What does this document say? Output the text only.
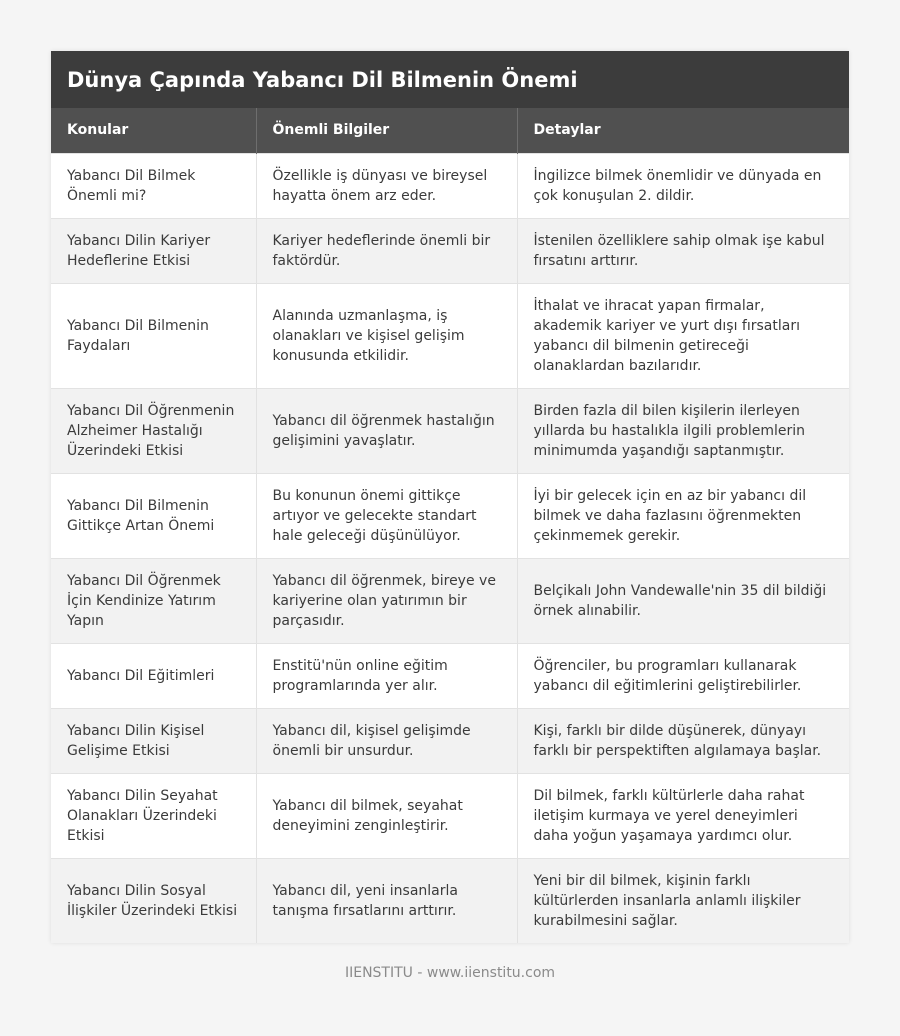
Dünya Çapında Yabancı Dil Bilmenin Önemi
Konular	Önemli Bilgiler	Detaylar
Yabancı Dil Bilmek Önemli mi?	Özellikle iş dünyası ve bireysel hayatta önem arz eder.	İngilizce bilmek önemlidir ve dünyada en çok konuşulan 2. dildir.
Yabancı Dilin Kariyer Hedeflerine Etkisi	Kariyer hedeflerinde önemli bir faktördür.	İstenilen özelliklere sahip olmak işe kabul fırsatını arttırır.
Yabancı Dil Bilmenin Faydaları	Alanında uzmanlaşma, iş olanakları ve kişisel gelişim konusunda etkilidir.	İthalat ve ihracat yapan firmalar, akademik kariyer ve yurt dışı fırsatları yabancı dil bilmenin getireceği olanaklardan bazılarıdır.
Yabancı Dil Öğrenmenin Alzheimer Hastalığı Üzerindeki Etkisi	Yabancı dil öğrenmek hastalığın gelişimini yavaşlatır.	Birden fazla dil bilen kişilerin ilerleyen yıllarda bu hastalıkla ilgili problemlerin minimumda yaşandığı saptanmıştır.
Yabancı Dil Bilmenin Gittikçe Artan Önemi	Bu konunun önemi gittikçe artıyor ve gelecekte standart hale geleceği düşünülüyor.	İyi bir gelecek için en az bir yabancı dil bilmek ve daha fazlasını öğrenmekten çekinmemek gerekir.
Yabancı Dil Öğrenmek İçin Kendinize Yatırım Yapın	Yabancı dil öğrenmek, bireye ve kariyerine olan yatırımın bir parçasıdır.	Belçikalı John Vandewalle'nin 35 dil bildiği örnek alınabilir.
Yabancı Dil Eğitimleri	Enstitü'nün online eğitim programlarında yer alır.	Öğrenciler, bu programları kullanarak yabancı dil eğitimlerini geliştirebilirler.
Yabancı Dilin Kişisel Gelişime Etkisi	Yabancı dil, kişisel gelişimde önemli bir unsurdur.	Kişi, farklı bir dilde düşünerek, dünyayı farklı bir perspektiften algılamaya başlar.
Yabancı Dilin Seyahat Olanakları Üzerindeki Etkisi	Yabancı dil bilmek, seyahat deneyimini zenginleştirir.	Dil bilmek, farklı kültürlerle daha rahat iletişim kurmaya ve yerel deneyimleri daha yoğun yaşamaya yardımcı olur.
Yabancı Dilin Sosyal İlişkiler Üzerindeki Etkisi	Yabancı dil, yeni insanlarla tanışma fırsatlarını arttırır.	Yeni bir dil bilmek, kişinin farklı kültürlerden insanlarla anlamlı ilişkiler kurabilmesini sağlar.
IIENSTITU - www.iienstitu.com
